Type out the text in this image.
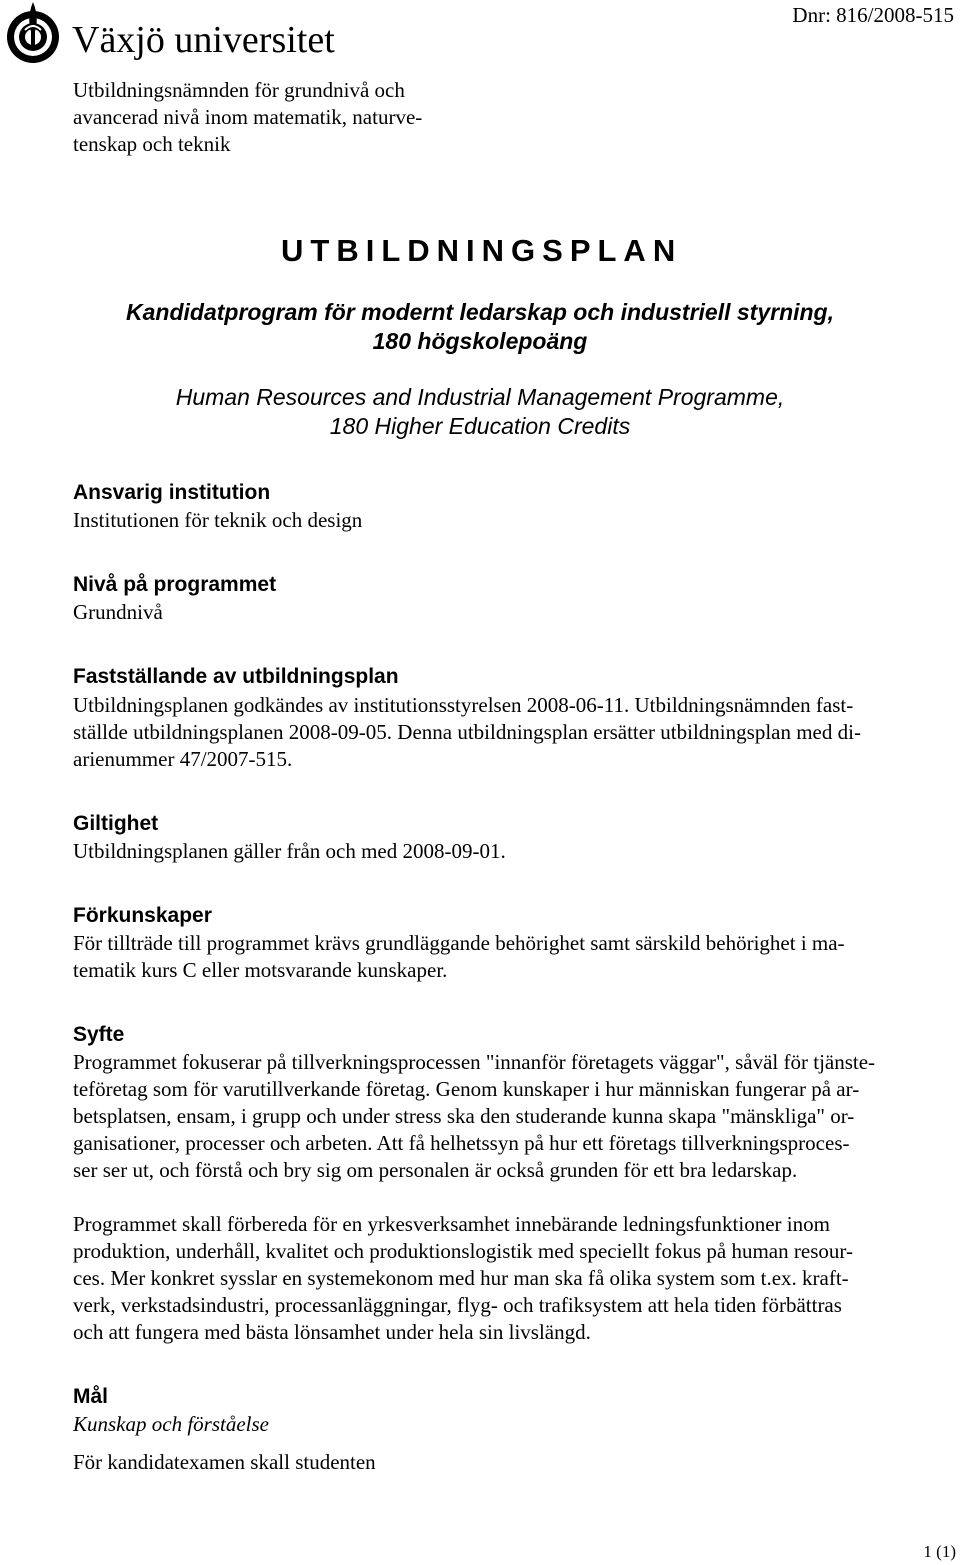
Växjö universitet
Dnr: 816/2008-515
Utbildningsnämnden för grundnivå och
avancerad nivå inom matematik, naturve-
tenskap och teknik
UTBILDNINGSPLAN
Kandidatprogram för modernt ledarskap och industriell styrning,
180 högskolepoäng
Human Resources and Industrial Management Programme,
180 Higher Education Credits
Ansvarig institution
Institutionen för teknik och design
Nivå på programmet
Grundnivå
Fastställande av utbildningsplan
Utbildningsplanen godkändes av institutionsstyrelsen 2008-06-11. Utbildningsnämnden fast-
ställde utbildningsplanen 2008-09-05. Denna utbildningsplan ersätter utbildningsplan med di-
arienummer 47/2007-515.
Giltighet
Utbildningsplanen gäller från och med 2008-09-01.
Förkunskaper
För tillträde till programmet krävs grundläggande behörighet samt särskild behörighet i ma-
tematik kurs C eller motsvarande kunskaper.
Syfte
Programmet fokuserar på tillverkningsprocessen "innanför företagets väggar", såväl för tjänste-
teföretag som för varutillverkande företag. Genom kunskaper i hur människan fungerar på ar-
betsplatsen, ensam, i grupp och under stress ska den studerande kunna skapa "mänskliga" or-
ganisationer, processer och arbeten. Att få helhetssyn på hur ett företags tillverkningsproces-
ser ser ut, och förstå och bry sig om personalen är också grunden för ett bra ledarskap.
Programmet skall förbereda för en yrkesverksamhet innebärande ledningsfunktioner inom
produktion, underhåll, kvalitet och produktionslogistik med speciellt fokus på human resour-
ces. Mer konkret sysslar en systemekonom med hur man ska få olika system som t.ex. kraft-
verk, verkstadsindustri, processanläggningar, flyg- och trafiksystem att hela tiden förbättras
och att fungera med bästa lönsamhet under hela sin livslängd.
Mål
Kunskap och förståelse
För kandidatexamen skall studenten
1 (1)
